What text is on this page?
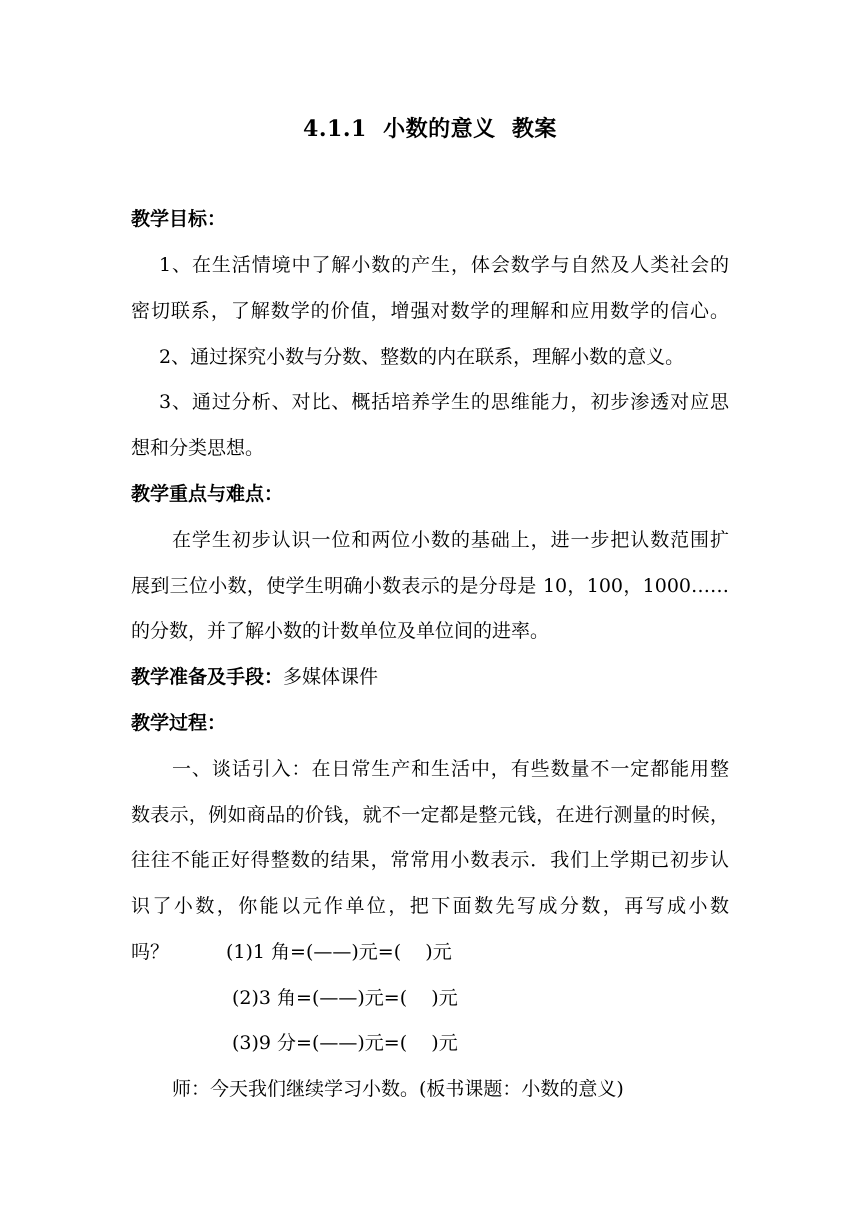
4.1.1  小数的意义  教案
教学目标：
1、在生活情境中了解小数的产生，体会数学与自然及人类社会的
密切联系，了解数学的价值，增强对数学的理解和应用数学的信心。
2、通过探究小数与分数、整数的内在联系，理解小数的意义。
3、通过分析、对比、概括培养学生的思维能力，初步渗透对应思
想和分类思想。
教学重点与难点：
在学生初步认识一位和两位小数的基础上，进一步把认数范围扩
展到三位小数，使学生明确小数表示的是分母是 10，100，1000……
的分数，并了解小数的计数单位及单位间的进率。
教学准备及手段：多媒体课件
教学过程：
一、谈话引入：在日常生产和生活中，有些数量不一定都能用整
数表示，例如商品的价钱，就不一定都是整元钱，在进行测量的时候，
往往不能正好得整数的结果，常常用小数表示．我们上学期已初步认
识了小数，你能以元作单位，把下面数先写成分数，再写成小数
吗？	(1)1 角=(——)元=(    )元
(2)3 角=(——)元=(    )元
(3)9 分=(——)元=(    )元
师：今天我们继续学习小数。(板书课题：小数的意义)
